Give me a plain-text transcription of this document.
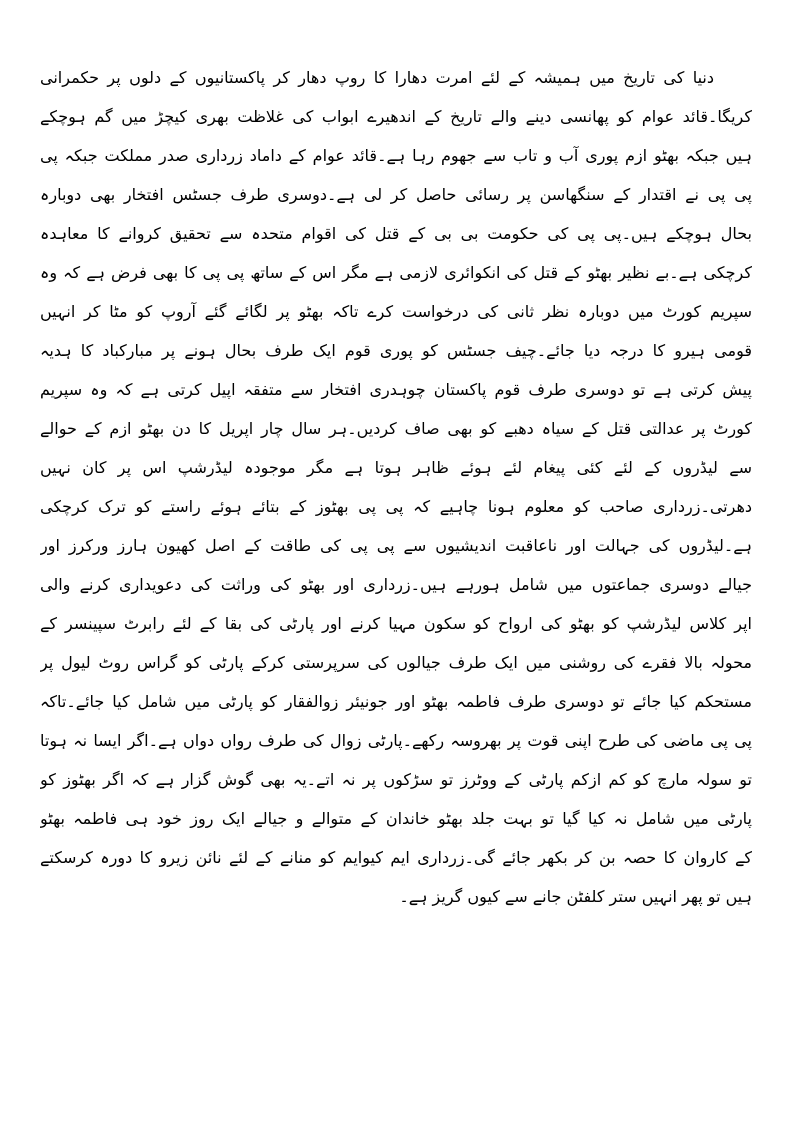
دنیا کی تاریخ میں ہمیشہ کے لئے امرت دھارا کا روپ دھار کر پاکستانیوں کے دلوں پر حکمرانی
کریگا۔قائد عوام کو پھانسی دینے والے تاریخ کے اندھیرے ابواب کی غلاظت بھری کیچڑ میں گم ہوچکے
ہیں جبکہ بھٹو ازم پوری آب و تاب سے جھوم رہا ہے۔قائد عوام کے داماد زرداری صدر مملکت جبکہ پی
پی پی نے اقتدار کے سنگھاسن پر رسائی حاصل کر لی ہے۔دوسری طرف جسٹس افتخار بھی دوبارہ
بحال ہوچکے ہیں۔پی پی کی حکومت بی بی کے قتل کی اقوام متحدہ سے تحقیق کروانے کا معاہدہ
کرچکی ہے۔بے نظیر بھٹو کے قتل کی انکوائری لازمی ہے مگر اس کے ساتھ پی پی کا بھی فرض ہے کہ وہ
سپریم کورٹ میں دوبارہ نظر ثانی کی درخواست کرے تاکہ بھٹو پر لگائے گئے آروپ کو مٹا کر انہیں
قومی ہیرو کا درجہ دیا جائے۔چیف جسٹس کو پوری قوم ایک طرف بحال ہونے پر مبارکباد کا ہدیہ
پیش کرتی ہے تو دوسری طرف قوم پاکستان چوہدری افتخار سے متفقہ اپیل کرتی ہے کہ وہ سپریم
کورٹ پر عدالتی قتل کے سیاہ دھبے کو بھی صاف کردیں۔ہر سال چار اپریل کا دن بھٹو ازم کے حوالے
سے لیڈروں کے لئے کئی پیغام لئے ہوئے ظاہر ہوتا ہے مگر موجودہ لیڈرشپ اس پر کان نہیں
دھرتی۔زرداری صاحب کو معلوم ہونا چاہیے کہ پی پی بھٹوز کے بتائے ہوئے راستے کو ترک کرچکی
ہے۔لیڈروں کی جہالت اور ناعاقبت اندیشیوں سے پی پی کی طاقت کے اصل کھیون ہارز ورکرز اور
جیالے دوسری جماعتوں میں شامل ہورہے ہیں۔زرداری اور بھٹو کی وراثت کی دعویداری کرنے والی
اپر کلاس لیڈرشپ کو بھٹو کی ارواح کو سکون مہیا کرنے اور پارٹی کی بقا کے لئے رابرٹ سپینسر کے
محولہ بالا فقرے کی روشنی میں ایک طرف جیالوں کی سرپرستی کرکے پارٹی کو گراس روٹ لیول پر
مستحکم کیا جائے تو دوسری طرف فاطمہ بھٹو اور جونیئر زوالفقار کو پارٹی میں شامل کیا جائے۔تاکہ
پی پی ماضی کی طرح اپنی قوت پر بھروسہ رکھے۔پارٹی زوال کی طرف رواں دواں ہے۔اگر ایسا نہ ہوتا
تو سولہ مارچ کو کم ازکم پارٹی کے ووٹرز تو سڑکوں پر نہ اتے۔یہ بھی گوش گزار ہے کہ اگر بھٹوز کو
پارٹی میں شامل نہ کیا گیا تو بہت جلد بھٹو خاندان کے متوالے و جیالے ایک روز خود ہی فاطمہ بھٹو
کے کاروان کا حصہ بن کر بکھر جائے گی۔زرداری ایم کیوایم کو منانے کے لئے نائن زیرو کا دورہ کرسکتے
ہیں تو پھر انہیں ستر کلفٹن جانے سے کیوں گریز ہے۔
